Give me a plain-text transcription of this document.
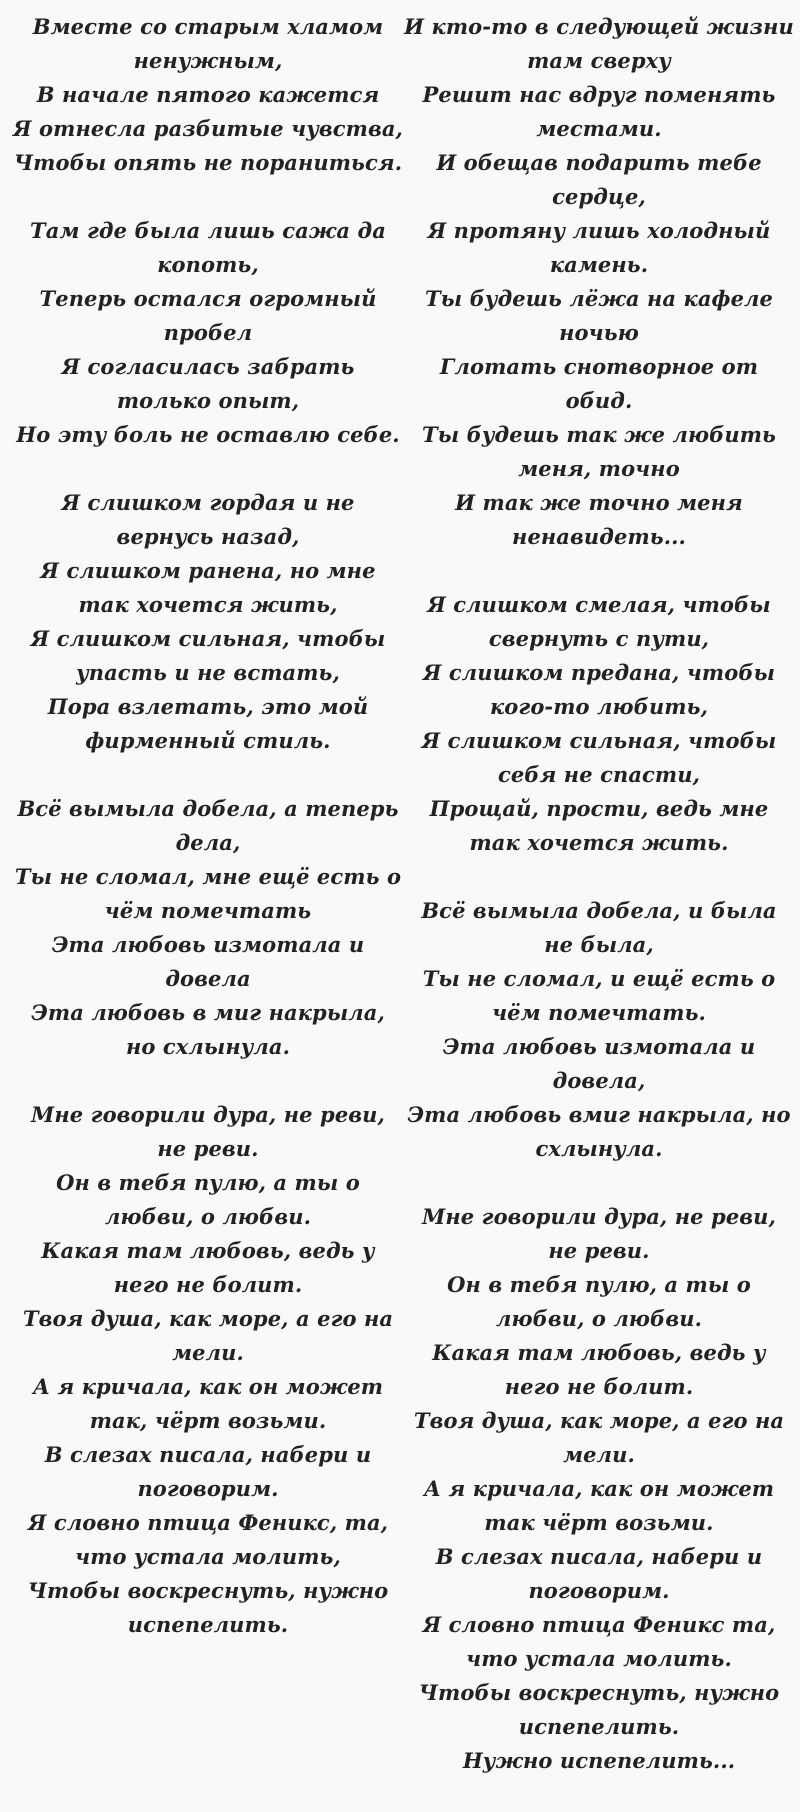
Вместе со старым хламом ненужным,
В начале пятого кажется
Я отнесла разбитые чувства,
Чтобы опять не пораниться.
Там где была лишь сажа да копоть,
Теперь остался огромный пробел
Я согласилась забрать только опыт,
Но эту боль не оставлю себе.
Я слишком гордая и не вернусь назад,
Я слишком ранена, но мне так хочется жить,
Я слишком сильная, чтобы упасть и не встать,
Пора взлетать, это мой фирменный стиль.
Всё вымыла добела, а теперь дела,
Ты не сломал, мне ещё есть о чём помечтать
Эта любовь измотала и довела
Эта любовь в миг накрыла, но схлынула.
Мне говорили дура, не реви, не реви.
Он в тебя пулю, а ты о любви, о любви.
Какая там любовь, ведь у него не болит.
Твоя душа, как море, а его на мели.
А я кричала, как он может так, чёрт возьми.
В слезах писала, набери и поговорим.
Я словно птица Феникс, та, что устала молить,
Чтобы воскреснуть, нужно испепелить.
И кто-то в следующей жизни там сверху
Решит нас вдруг поменять местами.
И обещав подарить тебе сердце,
Я протяну лишь холодный камень.
Ты будешь лёжа на кафеле ночью
Глотать снотворное от обид.
Ты будешь так же любить меня, точно
И так же точно меня ненавидеть...
Я слишком смелая, чтобы свернуть с пути,
Я слишком предана, чтобы кого-то любить,
Я слишком сильная, чтобы себя не спасти,
Прощай, прости, ведь мне так хочется жить.
Всё вымыла добела, и была не была,
Ты не сломал, и ещё есть о чём помечтать.
Эта любовь измотала и довела,
Эта любовь вмиг накрыла, но схлынула.
Мне говорили дура, не реви, не реви.
Он в тебя пулю, а ты о любви, о любви.
Какая там любовь, ведь у него не болит.
Твоя душа, как море, а его на мели.
А я кричала, как он может так чёрт возьми.
В слезах писала, набери и поговорим.
Я словно птица Феникс та, что устала молить.
Чтобы воскреснуть, нужно испепелить.
Нужно испепелить...
